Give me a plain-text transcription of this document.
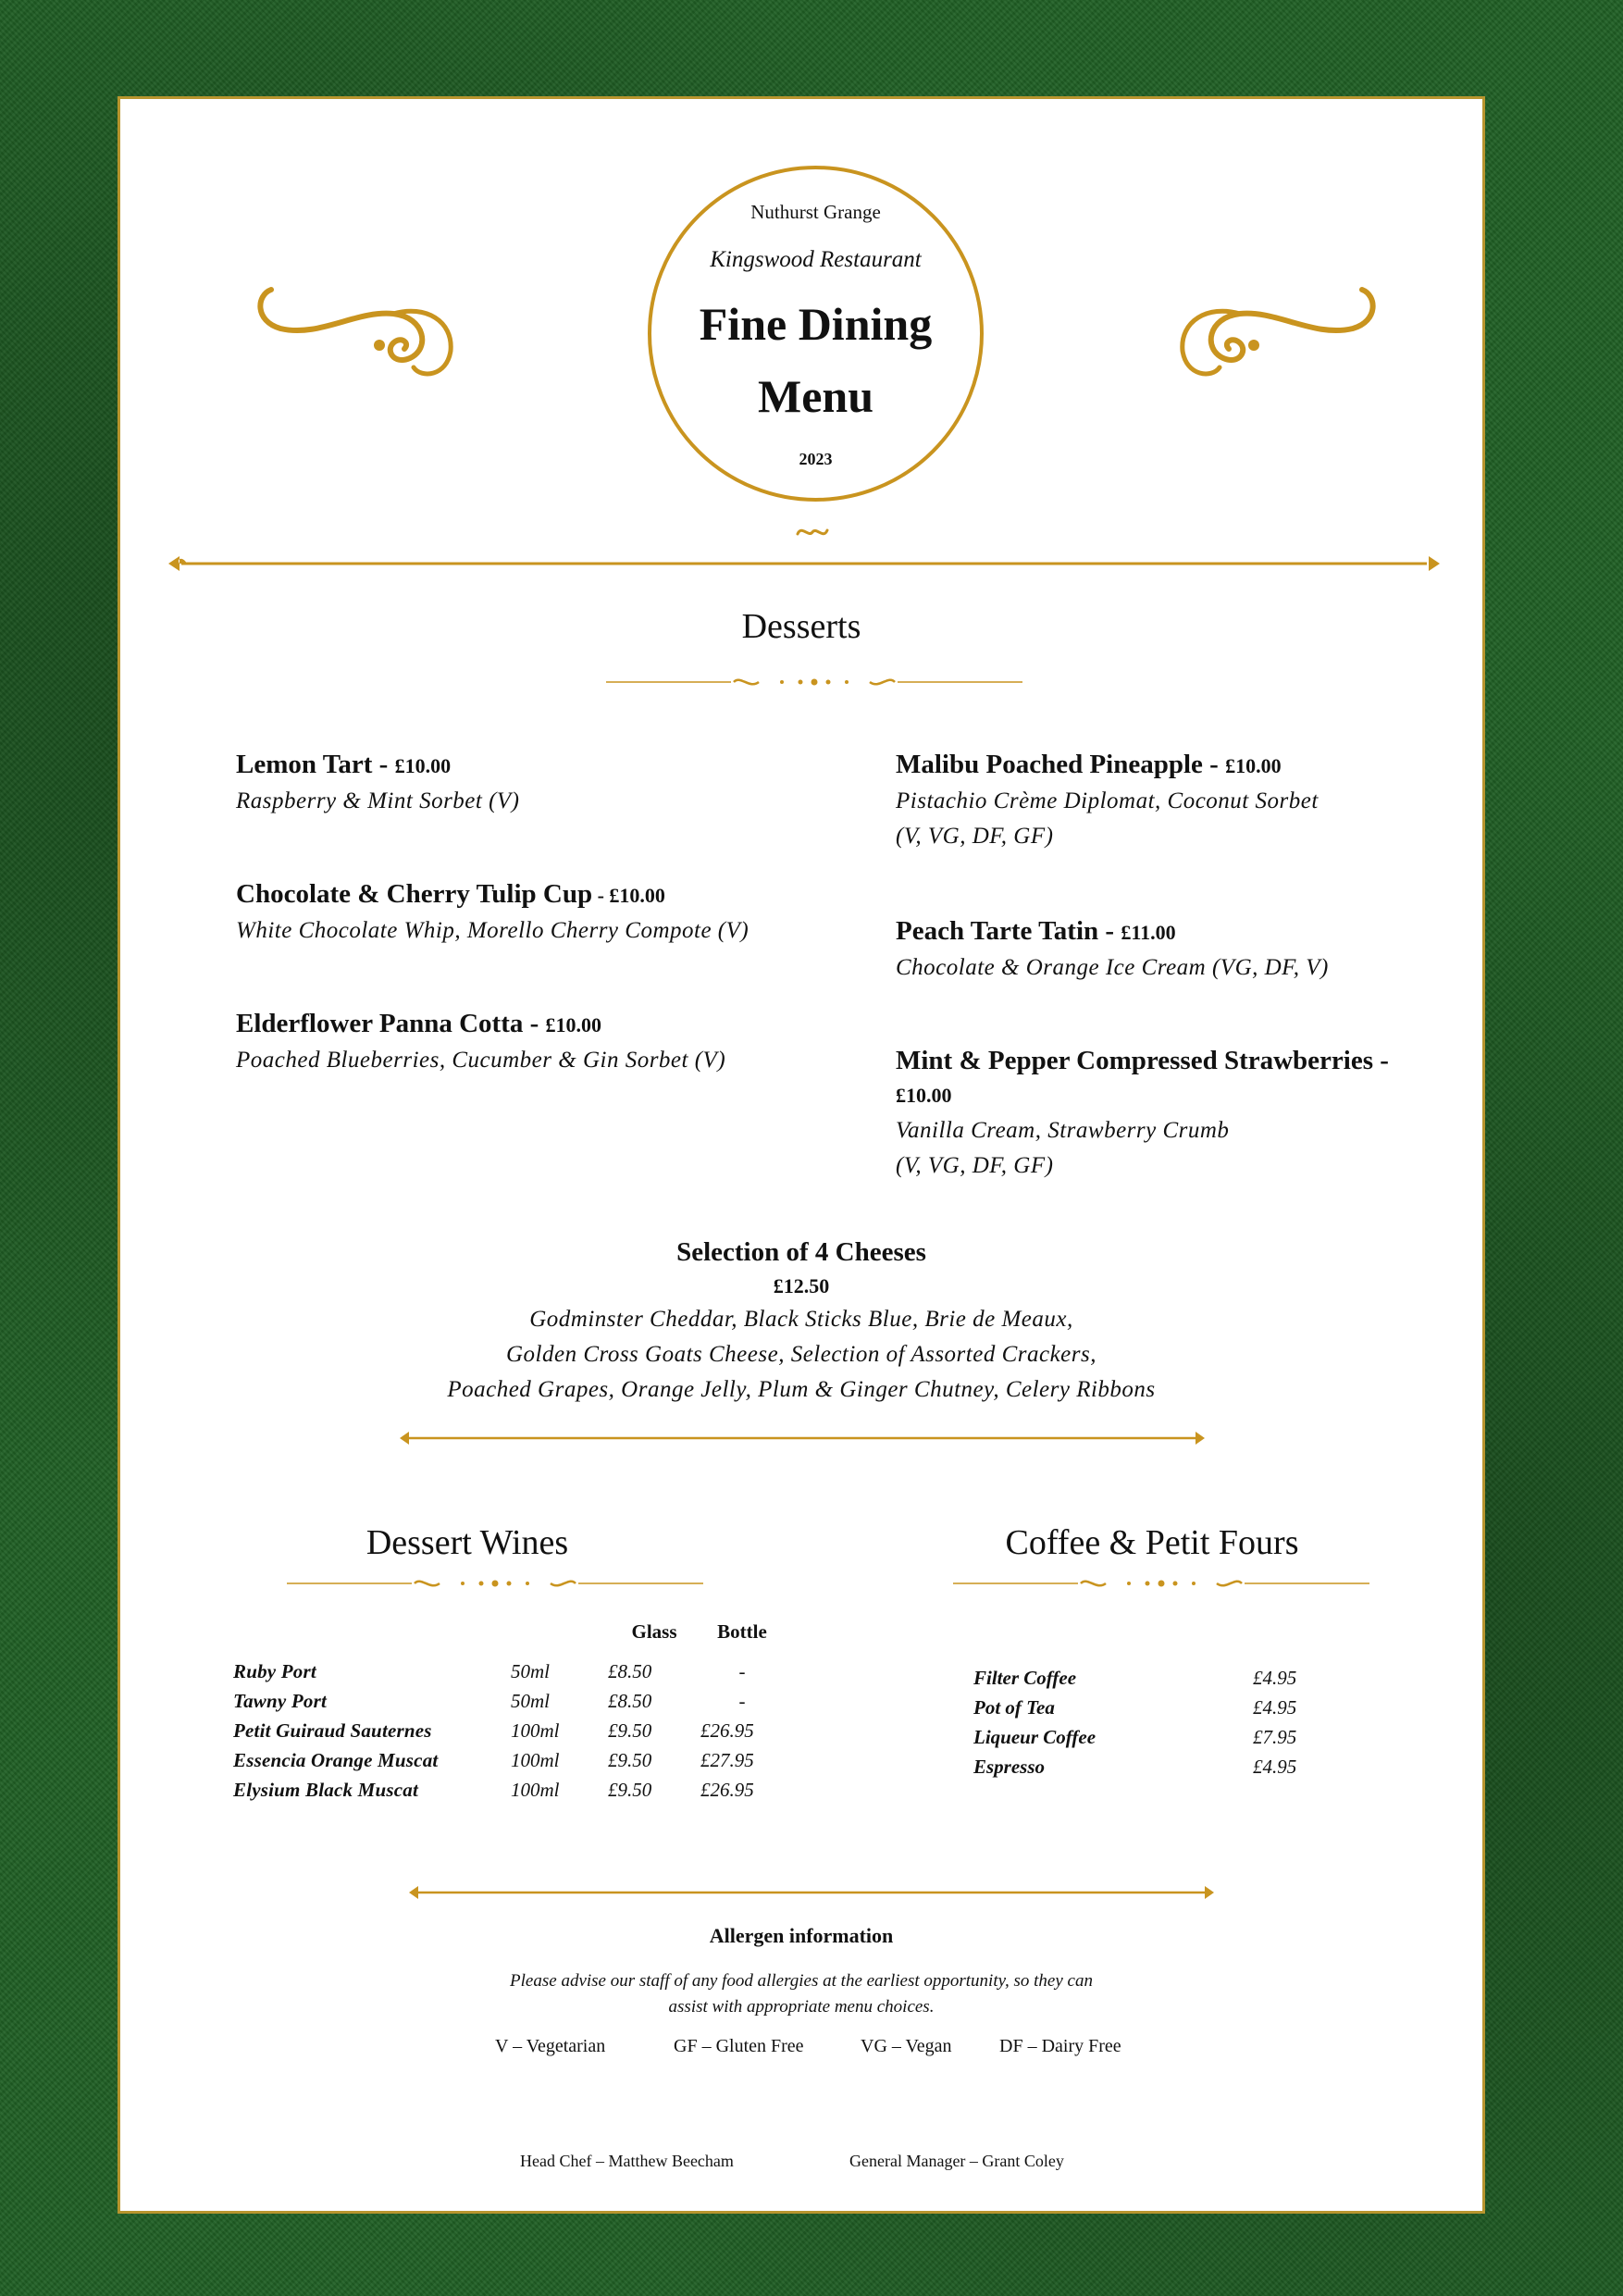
Nuthurst Grange
Kingswood Restaurant
Fine Dining Menu
2023
Desserts
Lemon Tart - £10.00
Raspberry & Mint Sorbet (V)
Chocolate & Cherry Tulip Cup - £10.00
White Chocolate Whip, Morello Cherry Compote (V)
Elderflower Panna Cotta - £10.00
Poached Blueberries, Cucumber & Gin Sorbet (V)
Malibu Poached Pineapple - £10.00
Pistachio Crème Diplomat, Coconut Sorbet
(V, VG, DF, GF)
Peach Tarte Tatin - £11.00
Chocolate & Orange Ice Cream (VG, DF, V)
Mint & Pepper Compressed Strawberries -
£10.00
Vanilla Cream, Strawberry Crumb
(V, VG, DF, GF)
Selection of 4 Cheeses
£12.50
Godminster Cheddar, Black Sticks Blue, Brie de Meaux,
Golden Cross Goats Cheese, Selection of Assorted Crackers,
Poached Grapes, Orange Jelly, Plum & Ginger Chutney, Celery Ribbons
Dessert Wines
		Glass	Bottle
Ruby Port	50ml	£8.50	-
Tawny Port	50ml	£8.50	-
Petit Guiraud Sauternes	100ml	£9.50	£26.95
Essencia Orange Muscat	100ml	£9.50	£27.95
Elysium Black Muscat	100ml	£9.50	£26.95
Coffee & Petit Fours
Filter Coffee	£4.95
Pot of Tea	£4.95
Liqueur Coffee	£7.95
Espresso	£4.95
Allergen information
Please advise our staff of any food allergies at the earliest opportunity, so they can
assist with appropriate menu choices.
V – Vegetarian	GF – Gluten Free	VG – Vegan	DF – Dairy Free
Head Chef – Matthew Beecham	General Manager – Grant Coley
